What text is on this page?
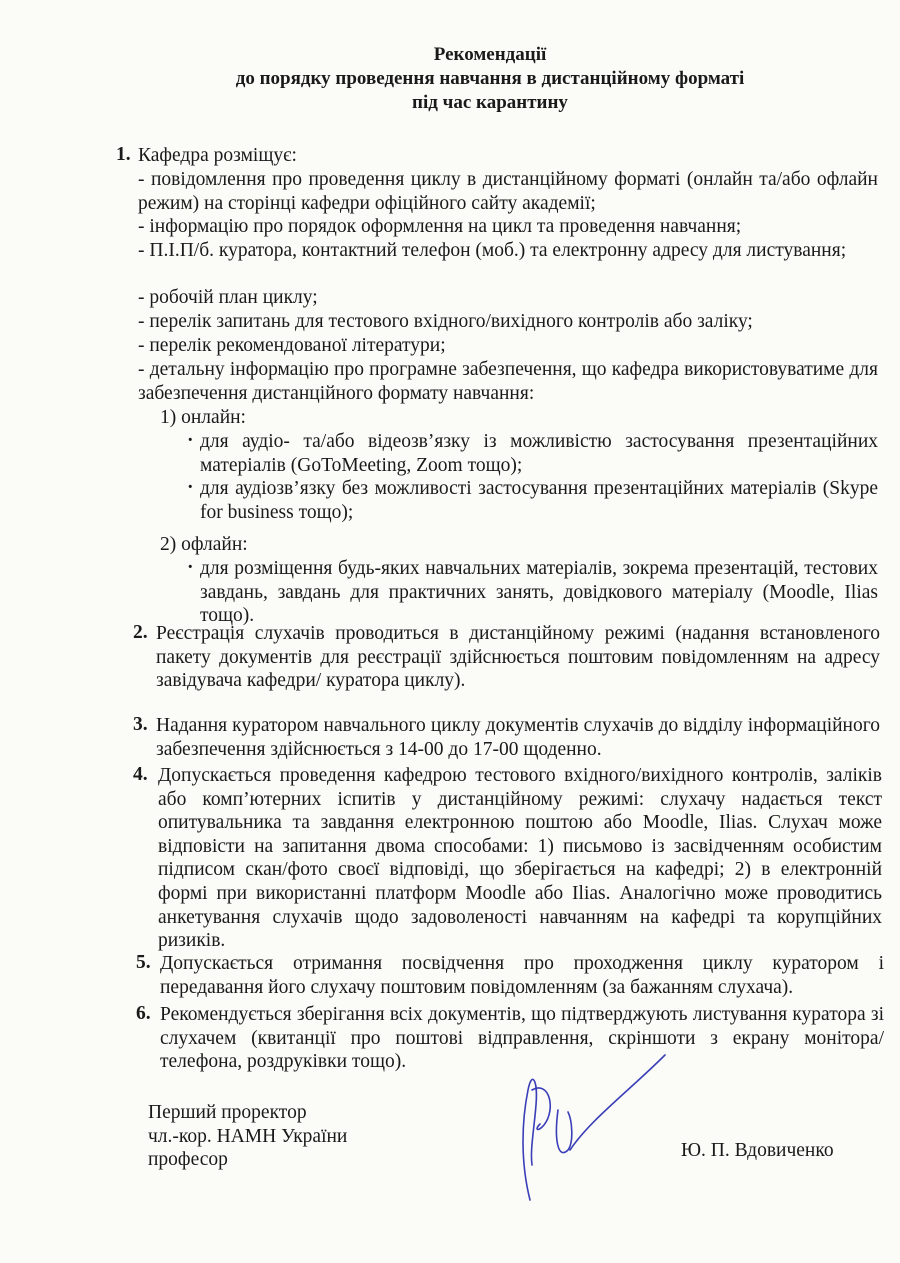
Рекомендації
до порядку проведення навчання в дистанційному форматі
під час карантину
1. Кафедра розміщує:
- повідомлення про проведення циклу в дистанційному форматі (онлайн та/або офлайн режим) на сторінці кафедри офіційного сайту академії;
- інформацію про порядок оформлення на цикл та проведення навчання;
- П.І.П/б. куратора, контактний телефон (моб.) та електронну адресу для листування;
- робочій план циклу;
- перелік запитань для тестового вхідного/вихідного контролів або заліку;
- перелік рекомендованої літератури;
- детальну інформацію про програмне забезпечення, що кафедра використовуватиме для забезпечення дистанційного формату навчання:
1) онлайн:
· для аудіо- та/або відеозв’язку із можливістю застосування презентаційних матеріалів (GoToMeeting, Zoom тощо);
· для аудіозв’язку без можливості застосування презентаційних матеріалів (Skype for business тощо);
2) офлайн:
· для розміщення будь-яких навчальних матеріалів, зокрема презентацій, тестових завдань, завдань для практичних занять, довідкового матеріалу (Moodle, Ilias тощо).
2. Реєстрація слухачів проводиться в дистанційному режимі (надання встановленого пакету документів для реєстрації здійснюється поштовим повідомленням на адресу завідувача кафедри/ куратора циклу).
3. Надання куратором навчального циклу документів слухачів до відділу інформаційного забезпечення здійснюється з 14-00 до 17-00 щоденно.
4. Допускається проведення кафедрою тестового вхідного/вихідного контролів, заліків або комп’ютерних іспитів у дистанційному режимі: слухачу надається текст опитувальника та завдання електронною поштою або Moodle, Ilias. Слухач може відповісти на запитання двома способами: 1) письмово із засвідченням особистим підписом скан/фото своєї відповіді, що зберігається на кафедрі; 2) в електронній формі при використанні платформ Moodle або Ilias. Аналогічно може проводитись анкетування слухачів щодо задоволеності навчанням на кафедрі та корупційних ризиків.
5. Допускається отримання посвідчення про проходження циклу куратором і передавання його слухачу поштовим повідомленням (за бажанням слухача).
6. Рекомендується зберігання всіх документів, що підтверджують листування куратора зі слухачем (квитанції про поштові відправлення, скріншоти з екрану монітора/телефона, роздруківки тощо).
Перший проректор
чл.-кор. НАМН України
професор	Ю. П. Вдовиченко
